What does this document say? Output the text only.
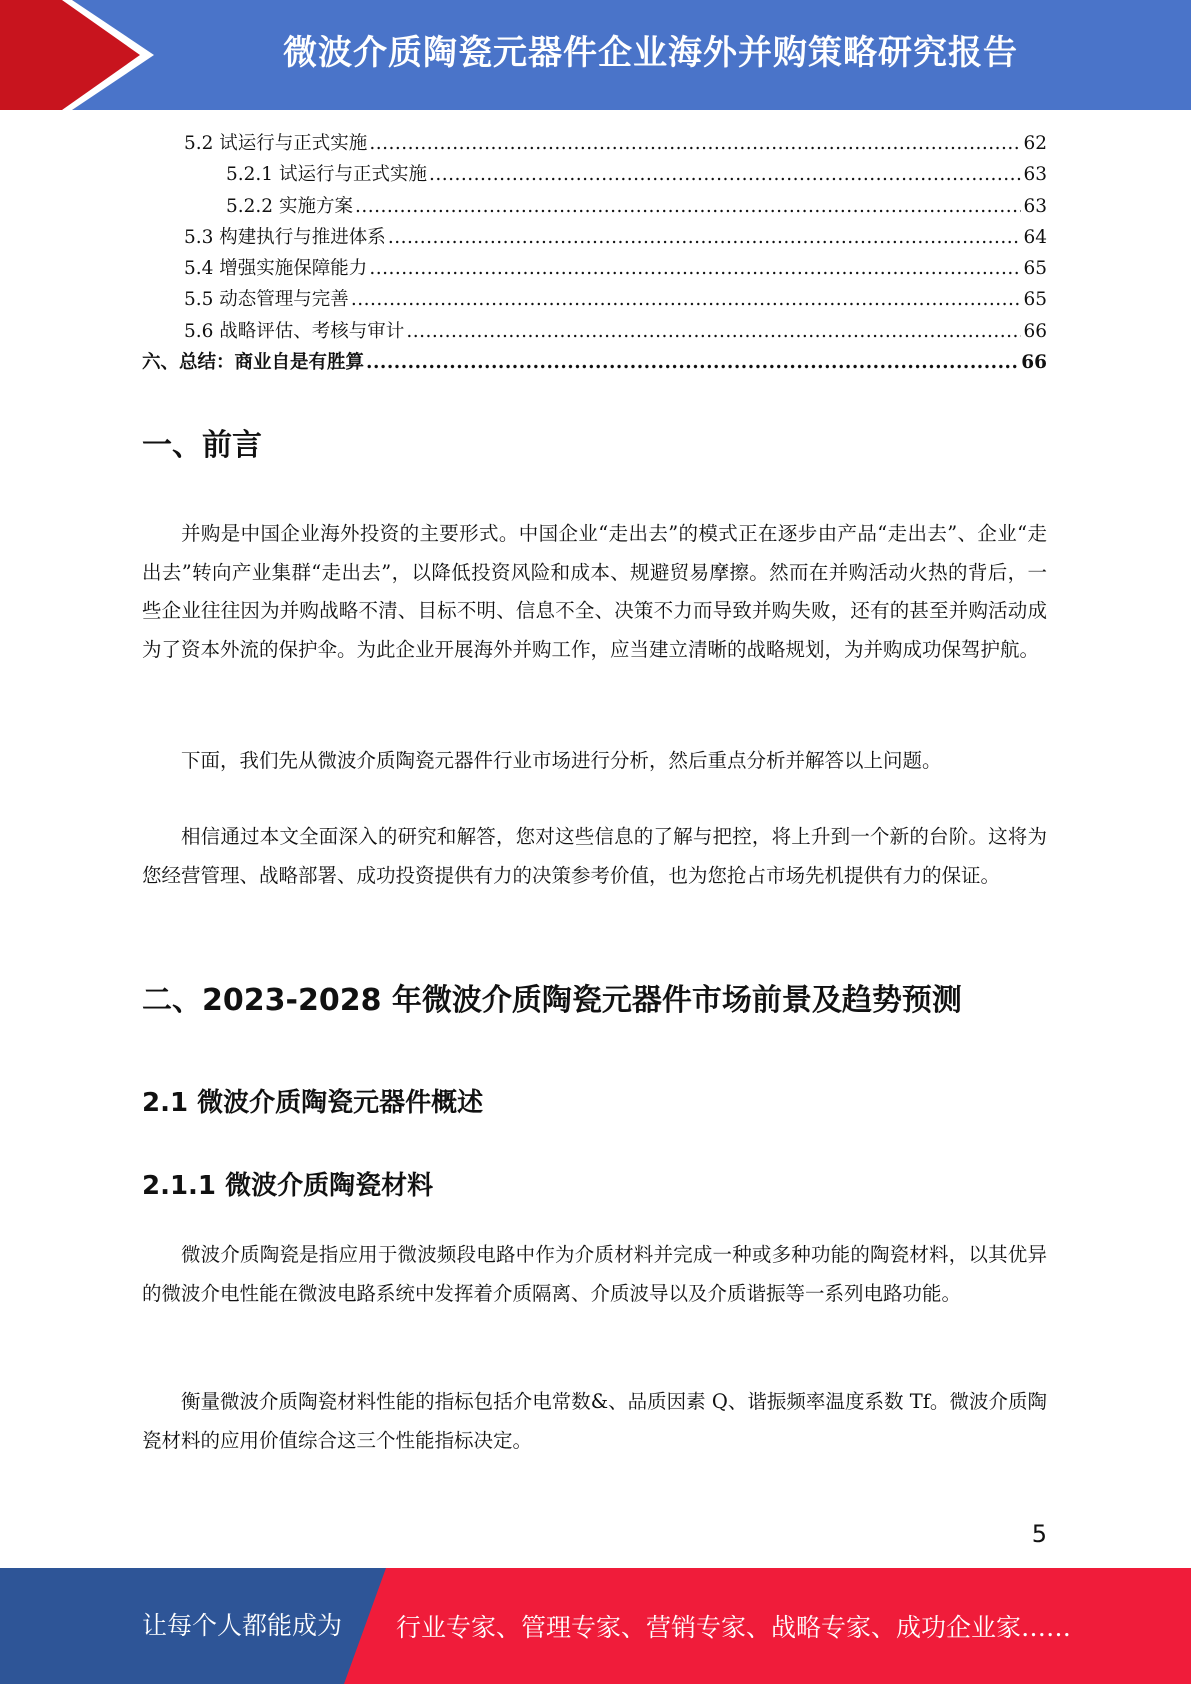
微波介质陶瓷元器件企业海外并购策略研究报告
5.2 试运行与正式实施 .....	62
5.2.1 试运行与正式实施 .....	63
5.2.2 实施方案 .....	63
5.3 构建执行与推进体系 .....	64
5.4 增强实施保障能力 .....	65
5.5 动态管理与完善 .....	65
5.6 战略评估、考核与审计 .....	66
六、总结：商业自是有胜算 .....	66
一、前言
并购是中国企业海外投资的主要形式。中国企业“走出去”的模式正在逐步由产品“走出去”、企业“走出去”转向产业集群“走出去”，以降低投资风险和成本、规避贸易摩擦。然而在并购活动火热的背后，一些企业往往因为并购战略不清、目标不明、信息不全、决策不力而导致并购失败，还有的甚至并购活动成为了资本外流的保护伞。为此企业开展海外并购工作，应当建立清晰的战略规划，为并购成功保驾护航。
下面，我们先从微波介质陶瓷元器件行业市场进行分析，然后重点分析并解答以上问题。
相信通过本文全面深入的研究和解答，您对这些信息的了解与把控，将上升到一个新的台阶。这将为您经营管理、战略部署、成功投资提供有力的决策参考价值，也为您抢占市场先机提供有力的保证。
二、2023-2028 年微波介质陶瓷元器件市场前景及趋势预测
2.1 微波介质陶瓷元器件概述
2.1.1 微波介质陶瓷材料
微波介质陶瓷是指应用于微波频段电路中作为介质材料并完成一种或多种功能的陶瓷材料，以其优异的微波介电性能在微波电路系统中发挥着介质隔离、介质波导以及介质谐振等一系列电路功能。
衡量微波介质陶瓷材料性能的指标包括介电常数&、品质因素 Q、谐振频率温度系数 Tf。微波介质陶瓷材料的应用价值综合这三个性能指标决定。
5
让每个人都能成为 行业专家、管理专家、营销专家、战略专家、成功企业家……
